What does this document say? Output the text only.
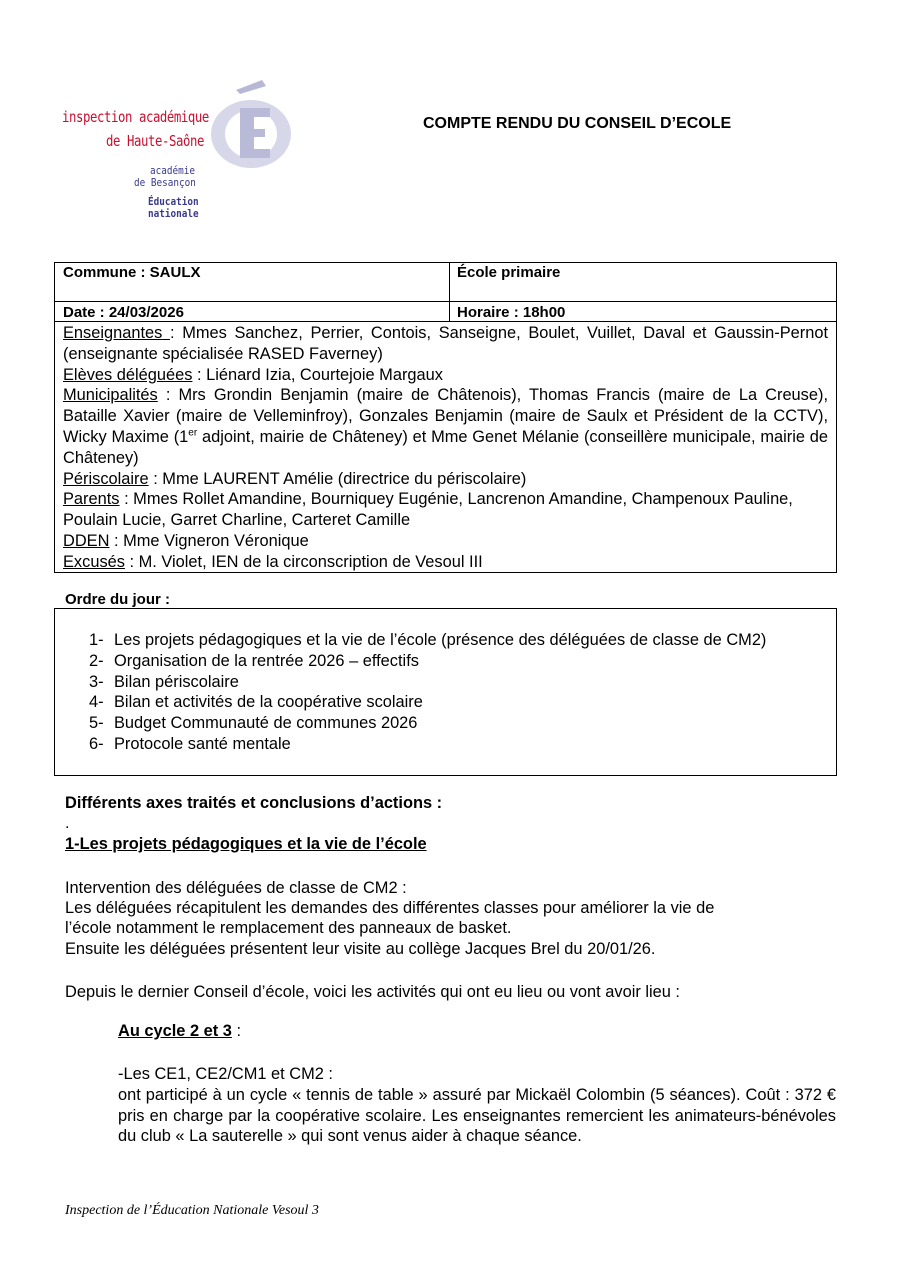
inspection académique
de Haute-Saône
académie
de Besançon
Éducation
nationale
COMPTE RENDU DU CONSEIL D’ECOLE
Commune : SAULX	École primaire
Date : 24/03/2026	Horaire : 18h00

Enseignantes : Mmes Sanchez, Perrier, Contois, Sanseigne, Boulet, Vuillet, Daval et Gaussin-Pernot (enseignante spécialisée RASED Faverney)

Elèves déléguées : Liénard Izia, Courtejoie Margaux

Municipalités : Mrs Grondin Benjamin (maire de Châtenois), Thomas Francis (maire de La Creuse), Bataille Xavier (maire de Velleminfroy), Gonzales Benjamin (maire de Saulx et Président de la CCTV), Wicky Maxime (1er adjoint, mairie de Châteney) et Mme Genet Mélanie (conseillère municipale, mairie de Châteney)

Périscolaire : Mme LAURENT Amélie (directrice du périscolaire)

Parents : Mmes Rollet Amandine, Bourniquey Eugénie, Lancrenon Amandine, Champenoux Pauline, Poulain Lucie, Garret Charline, Carteret Camille

DDEN : Mme Vigneron Véronique

Excusés : M. Violet, IEN de la circonscription de Vesoul III

Ordre du jour :
1- Les projets pédagogiques et la vie de l’école (présence des déléguées de classe de CM2)
2- Organisation de la rentrée 2026 – effectifs
3- Bilan périscolaire
4- Bilan et activités de la coopérative scolaire
5- Budget Communauté de communes 2026
6- Protocole santé mentale
Différents axes traités et conclusions d’actions :
.
1-Les projets pédagogiques et la vie de l’école
Intervention des déléguées de classe de CM2 :
Les déléguées récapitulent les demandes des différentes classes pour améliorer la vie de
l’école notamment le remplacement des panneaux de basket.
Ensuite les déléguées présentent leur visite au collège Jacques Brel du 20/01/26.
Depuis le dernier Conseil d’école, voici les activités qui ont eu lieu ou vont avoir lieu :
Au cycle 2 et 3 :
-Les CE1, CE2/CM1 et CM2 :
ont participé à un cycle « tennis de table » assuré par Mickaël Colombin (5 séances). Coût : 372 € pris en charge par la coopérative scolaire. Les enseignantes remercient les animateurs-bénévoles du club « La sauterelle » qui sont venus aider à chaque séance.
Inspection de l’Éducation Nationale Vesoul 3
